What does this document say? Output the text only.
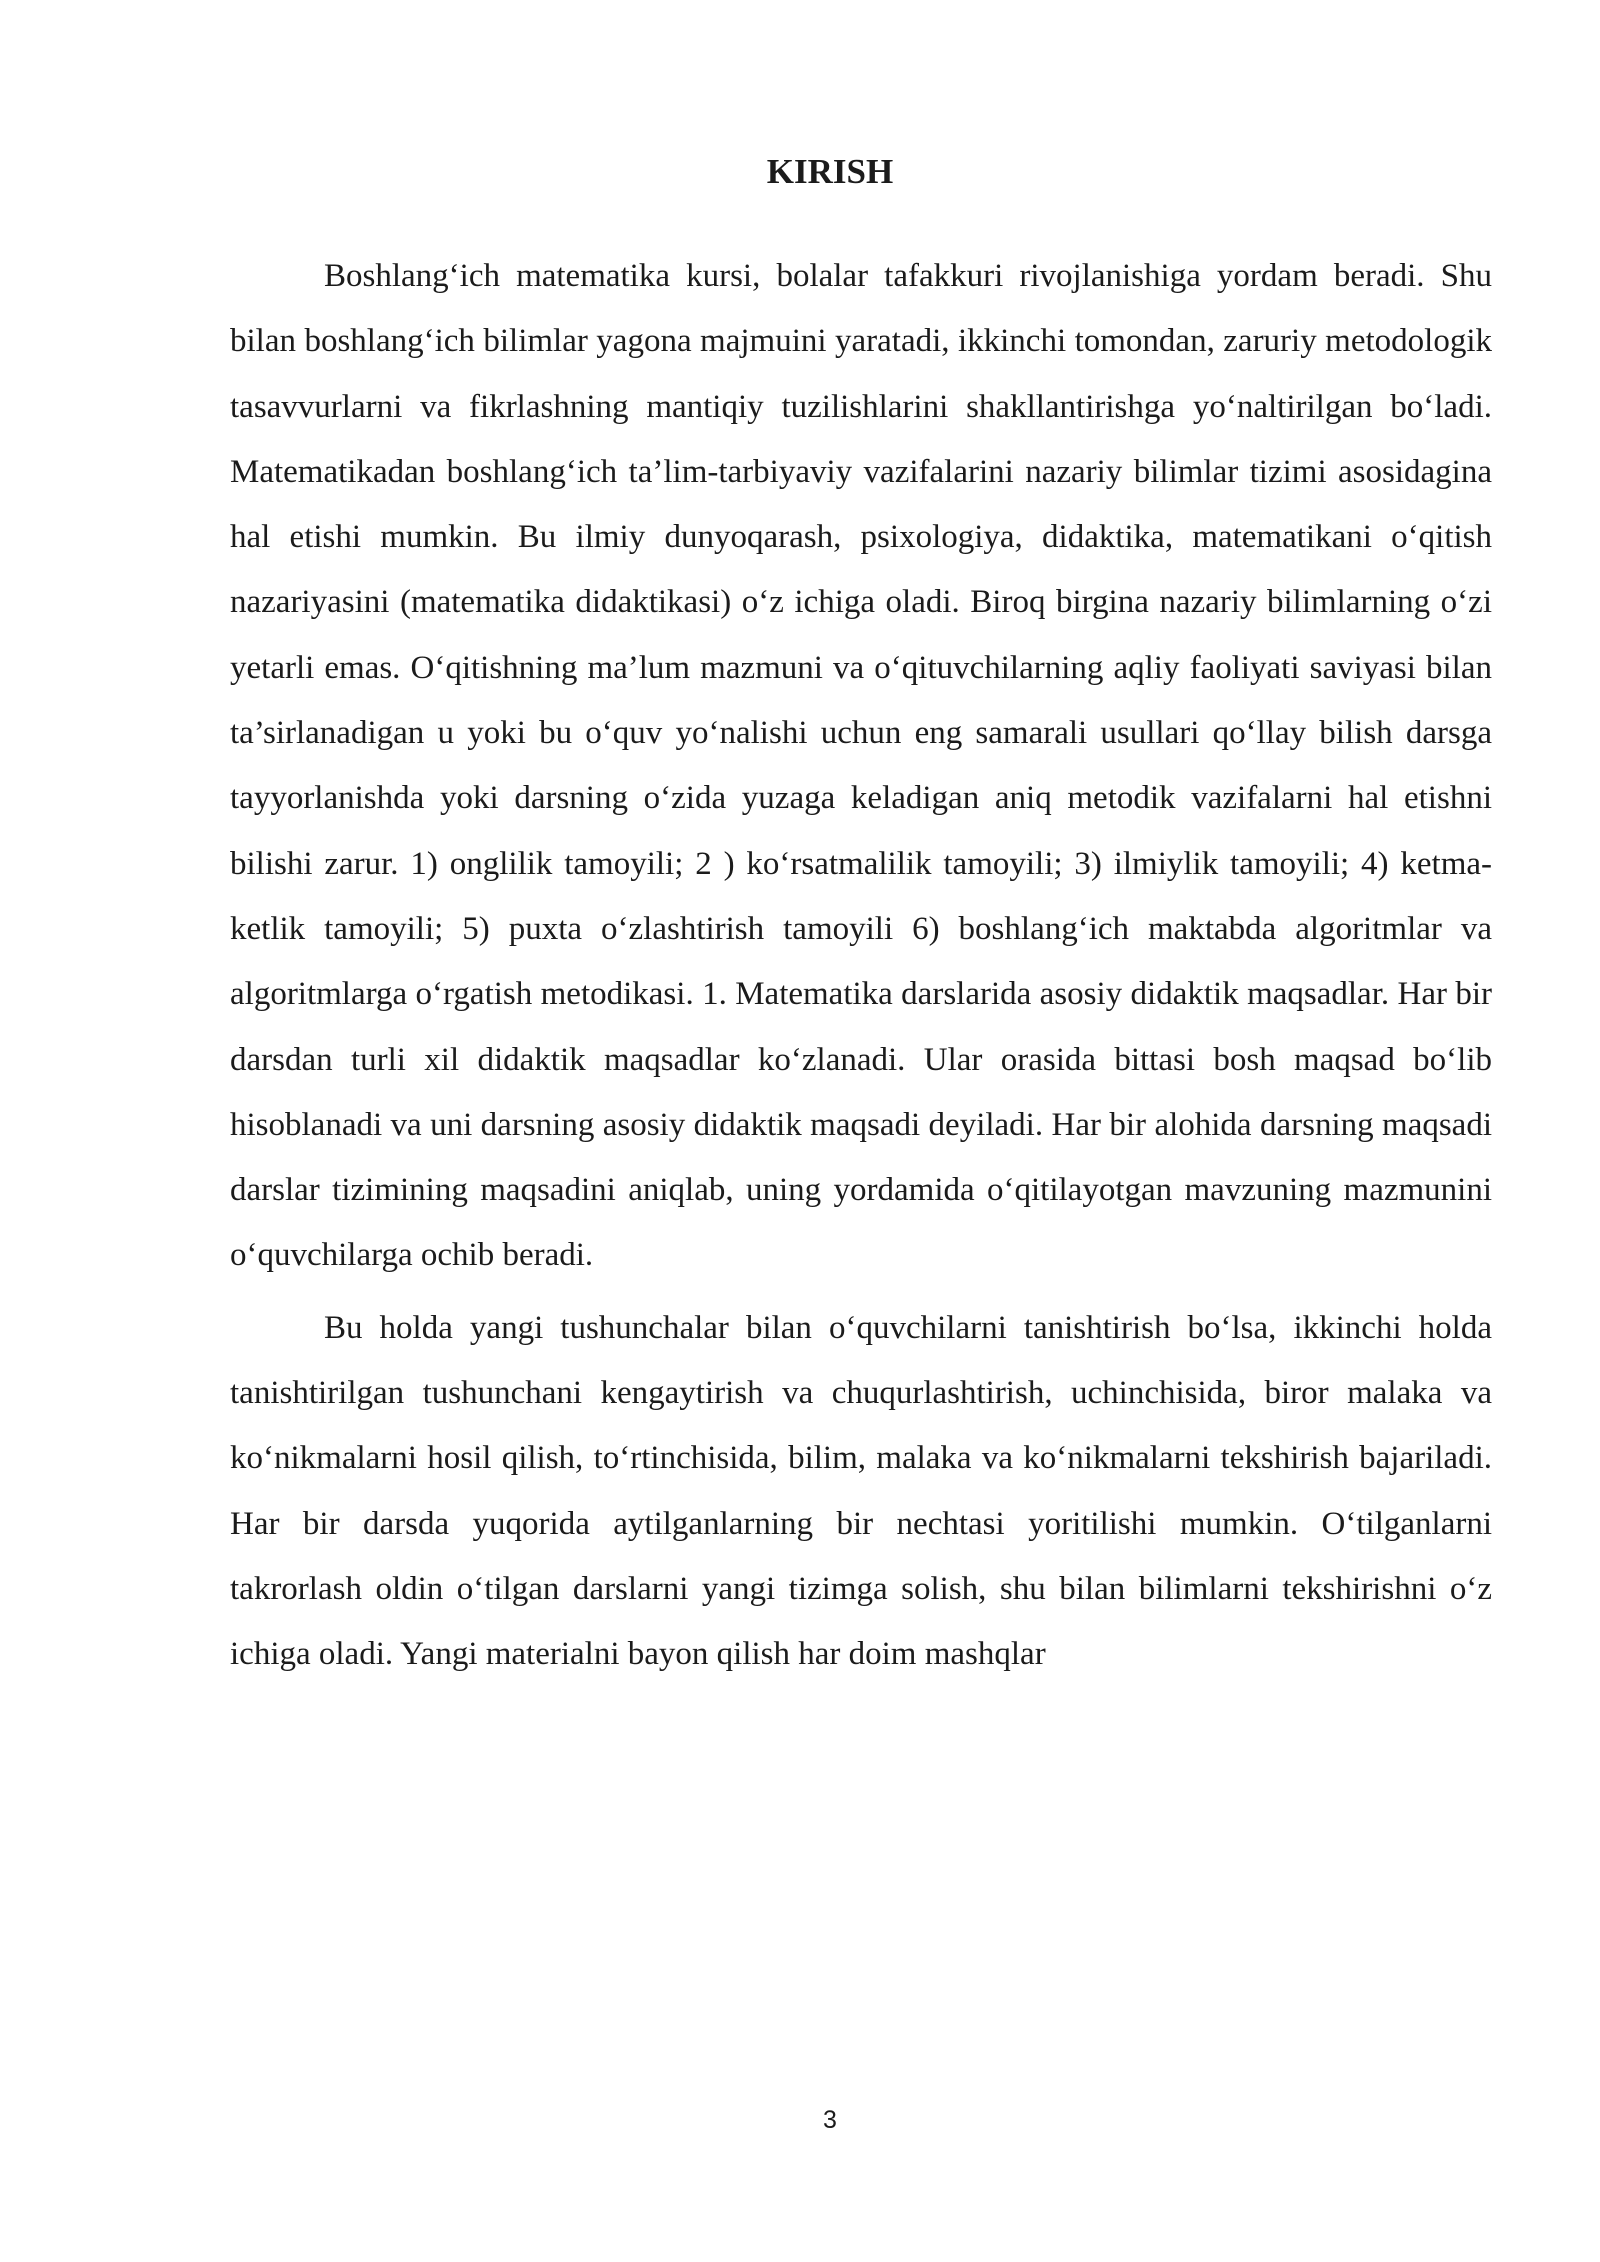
KIRISH

Boshlang‘ich matematika kursi, bolalar tafakkuri rivojlanishiga yordam beradi. Shu bilan boshlang‘ich bilimlar yagona majmuini yaratadi, ikkinchi tomondan, zaruriy metodologik tasavvurlarni va fikrlashning mantiqiy tuzilishlarini shakllantirishga yo‘naltirilgan bo‘ladi. Matematikadan boshlang‘ich ta’lim-tarbiyaviy vazifalarini nazariy bilimlar tizimi asosidagina hal etishi mumkin. Bu ilmiy dunyoqarash, psixologiya, didaktika, matematikani o‘qitish nazariyasini (matematika didaktikasi) o‘z ichiga oladi. Biroq birgina nazariy bilimlarning o‘zi yetarli emas. O‘qitishning ma’lum mazmuni va o‘qituvchilarning aqliy faoliyati saviyasi bilan ta’sirlanadigan u yoki bu o‘quv yo‘nalishi uchun eng samarali usullari qo‘llay bilish darsga tayyorlanishda yoki darsning o‘zida yuzaga keladigan aniq metodik vazifalarni hal etishni bilishi zarur. 1) onglilik tamoyili; 2 ) ko‘rsatmalilik tamoyili; 3) ilmiylik tamoyili; 4) ketma-ketlik tamoyili; 5) puxta o‘zlashtirish tamoyili 6) boshlang‘ich maktabda algoritmlar va algoritmlarga o‘rgatish metodikasi. 1. Matematika darslarida asosiy didaktik maqsadlar. Har bir darsdan turli xil didaktik maqsadlar ko‘zlanadi. Ular orasida bittasi bosh maqsad bo‘lib hisoblanadi va uni darsning asosiy didaktik maqsadi deyiladi. Har bir alohida darsning maqsadi darslar tizimining maqsadini aniqlab, uning yordamida o‘qitilayotgan mavzuning mazmunini o‘quvchilarga ochib beradi.

Bu holda yangi tushunchalar bilan o‘quvchilarni tanishtirish bo‘lsa, ikkinchi holda tanishtirilgan tushunchani kengaytirish va chuqurlashtirish, uchinchisida, biror malaka va ko‘nikmalarni hosil qilish, to‘rtinchisida, bilim, malaka va ko‘nikmalarni tekshirish bajariladi. Har bir darsda yuqorida aytilganlarning bir nechtasi yoritilishi mumkin. O‘tilganlarni takrorlash oldin o‘tilgan darslarni yangi tizimga solish, shu bilan bilimlarni tekshirishni o‘z ichiga oladi. Yangi materialni bayon qilish har doim mashqlar

3
